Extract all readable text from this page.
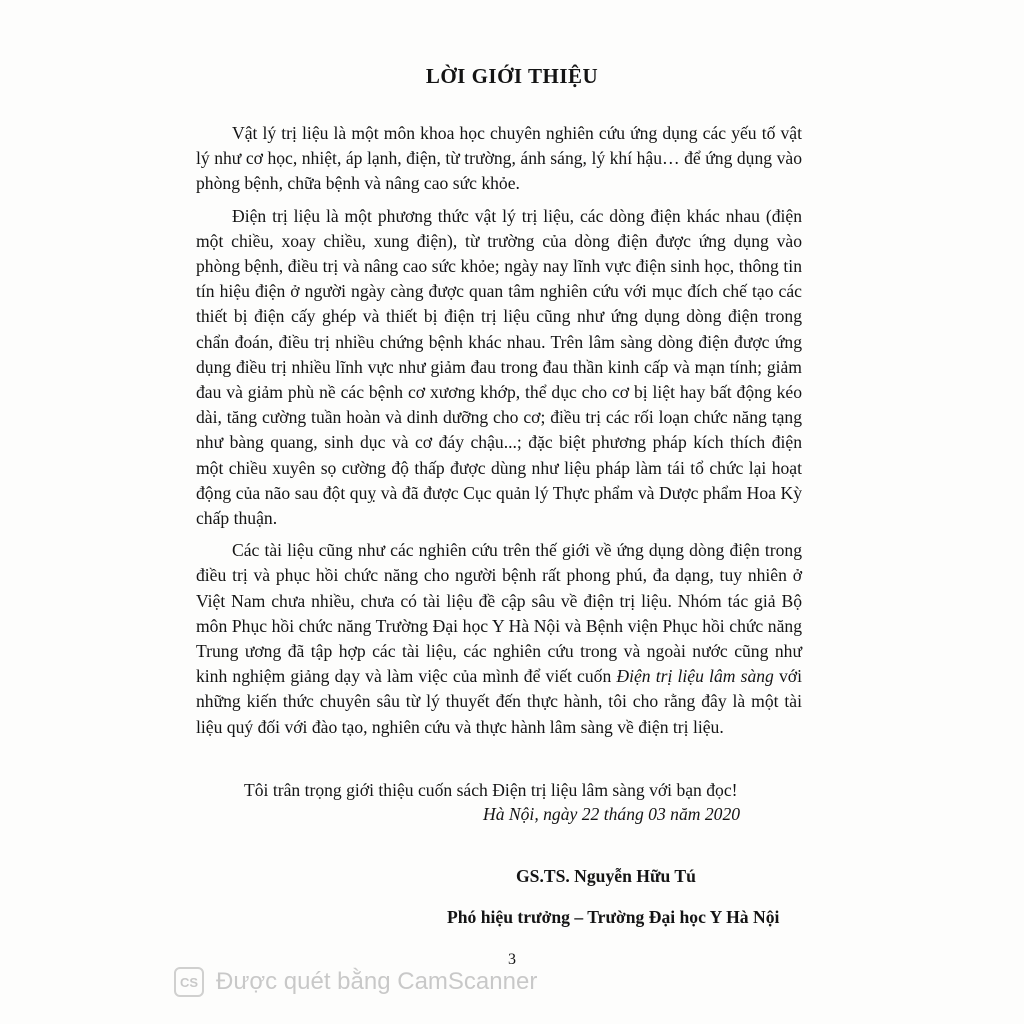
LỜI GIỚI THIỆU

Vật lý trị liệu là một môn khoa học chuyên nghiên cứu ứng dụng các yếu tố vật lý như cơ học, nhiệt, áp lạnh, điện, từ trường, ánh sáng, lý khí hậu… để ứng dụng vào phòng bệnh, chữa bệnh và nâng cao sức khỏe.

Điện trị liệu là một phương thức vật lý trị liệu, các dòng điện khác nhau (điện một chiều, xoay chiều, xung điện), từ trường của dòng điện được ứng dụng vào phòng bệnh, điều trị và nâng cao sức khỏe; ngày nay lĩnh vực điện sinh học, thông tin tín hiệu điện ở người ngày càng được quan tâm nghiên cứu với mục đích chế tạo các thiết bị điện cấy ghép và thiết bị điện trị liệu cũng như ứng dụng dòng điện trong chẩn đoán, điều trị nhiều chứng bệnh khác nhau. Trên lâm sàng dòng điện được ứng dụng điều trị nhiều lĩnh vực như giảm đau trong đau thần kinh cấp và mạn tính; giảm đau và giảm phù nề các bệnh cơ xương khớp, thể dục cho cơ bị liệt hay bất động kéo dài, tăng cường tuần hoàn và dinh dưỡng cho cơ; điều trị các rối loạn chức năng tạng như bàng quang, sinh dục và cơ đáy chậu...; đặc biệt phương pháp kích thích điện một chiều xuyên sọ cường độ thấp được dùng như liệu pháp làm tái tổ chức lại hoạt động của não sau đột quỵ và đã được Cục quản lý Thực phẩm và Dược phẩm Hoa Kỳ chấp thuận.

Các tài liệu cũng như các nghiên cứu trên thế giới về ứng dụng dòng điện trong điều trị và phục hồi chức năng cho người bệnh rất phong phú, đa dạng, tuy nhiên ở Việt Nam chưa nhiều, chưa có tài liệu đề cập sâu về điện trị liệu. Nhóm tác giả Bộ môn Phục hồi chức năng Trường Đại học Y Hà Nội và Bệnh viện Phục hồi chức năng Trung ương đã tập hợp các tài liệu, các nghiên cứu trong và ngoài nước cũng như kinh nghiệm giảng dạy và làm việc của mình để viết cuốn Điện trị liệu lâm sàng với những kiến thức chuyên sâu từ lý thuyết đến thực hành, tôi cho rằng đây là một tài liệu quý đối với đào tạo, nghiên cứu và thực hành lâm sàng về điện trị liệu.

Tôi trân trọng giới thiệu cuốn sách Điện trị liệu lâm sàng với bạn đọc!
Hà Nội, ngày 22 tháng 03 năm 2020
GS.TS. Nguyễn Hữu Tú
Phó hiệu trưởng – Trường Đại học Y Hà Nội
3
CS Được quét bằng CamScanner
